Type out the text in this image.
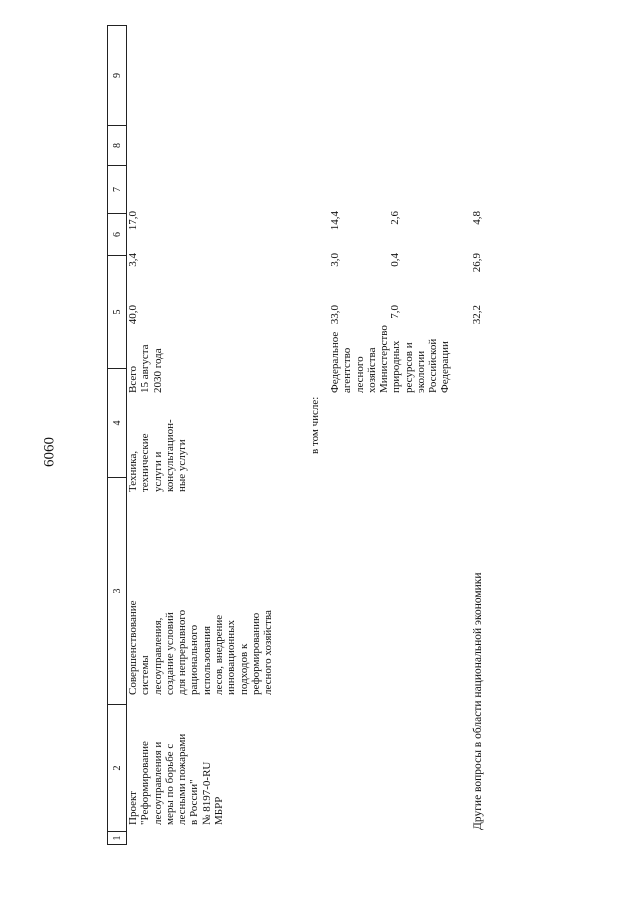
6060
1
2
3
4
5
6
7
8
9
Проект "Реформирование лесоуправления и меры по борьбе с лесными пожарами в России" № 8197-0-RU МБРР
Совершенствование системы лесоуправления, создание условий для непрерывного рационального использования лесов, внедрение инновационных подходов к реформированию лесного хозяйства
Техника, технические услуги и консультацион- ные услуги
Всего 15 августа 2030 года
в том числе:
Федеральное агентство лесного хозяйства Министерство природных ресурсов и экологии Российской Федерации
40,0
3,4
17,0
33,0
3,0
14,4
7,0
0,4
2,6
32,2
26,9
4,8
Другие вопросы в области национальной экономики
